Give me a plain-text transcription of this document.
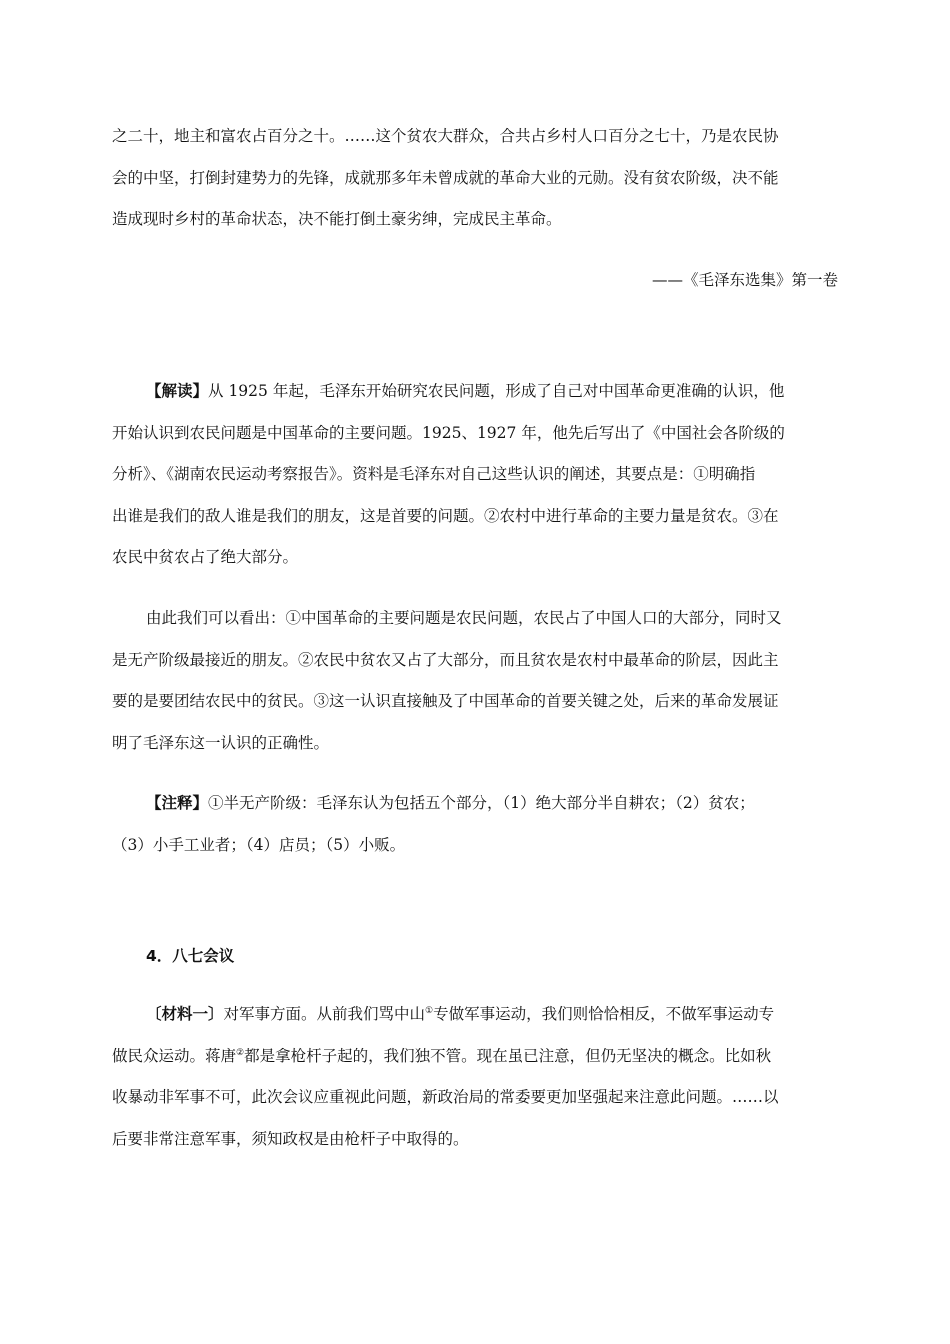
之二十，地主和富农占百分之十。……这个贫农大群众，合共占乡村人口百分之七十，乃是农民协
会的中坚，打倒封建势力的先锋，成就那多年未曾成就的革命大业的元勋。没有贫农阶级，决不能
造成现时乡村的革命状态，决不能打倒土豪劣绅，完成民主革命。
——《毛泽东选集》第一卷
【解读】从 1925 年起，毛泽东开始研究农民问题，形成了自己对中国革命更准确的认识，他
开始认识到农民问题是中国革命的主要问题。1925、1927 年，他先后写出了《中国社会各阶级的
分析》、《湖南农民运动考察报告》。资料是毛泽东对自己这些认识的阐述，其要点是：①明确指
出谁是我们的敌人谁是我们的朋友，这是首要的问题。②农村中进行革命的主要力量是贫农。③在
农民中贫农占了绝大部分。
由此我们可以看出：①中国革命的主要问题是农民问题，农民占了中国人口的大部分，同时又
是无产阶级最接近的朋友。②农民中贫农又占了大部分，而且贫农是农村中最革命的阶层，因此主
要的是要团结农民中的贫民。③这一认识直接触及了中国革命的首要关键之处，后来的革命发展证
明了毛泽东这一认识的正确性。
【注释】①半无产阶级：毛泽东认为包括五个部分，（1）绝大部分半自耕农；（2）贫农；
（3）小手工业者；（4）店员；（5）小贩。
4．八七会议
〔材料一〕对军事方面。从前我们骂中山①专做军事运动，我们则恰恰相反，不做军事运动专
做民众运动。蒋唐②都是拿枪杆子起的，我们独不管。现在虽已注意，但仍无坚决的概念。比如秋
收暴动非军事不可，此次会议应重视此问题，新政治局的常委要更加坚强起来注意此问题。……以
后要非常注意军事，须知政权是由枪杆子中取得的。
